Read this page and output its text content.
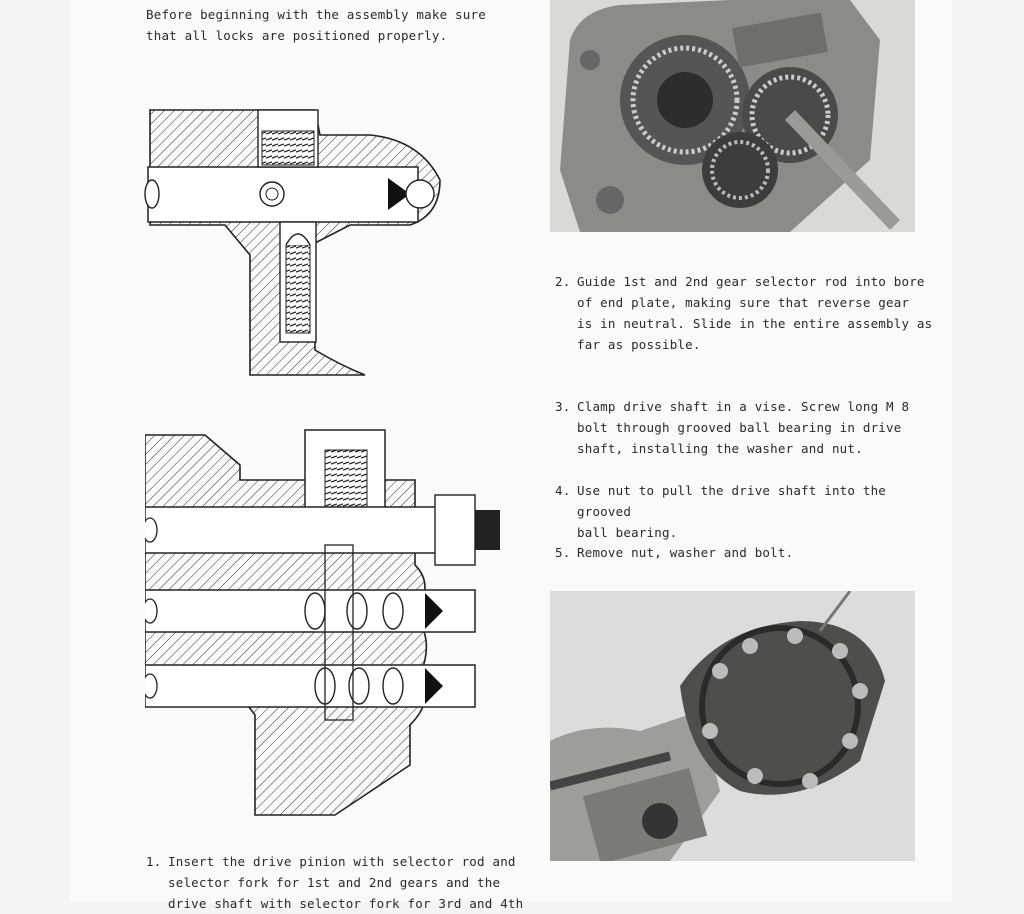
Before beginning with the assembly make sure
that all locks are positioned properly.

2. Guide 1st and 2nd gear selector rod into bore
of end plate, making sure that reverse gear
is in neutral. Slide in the entire assembly as
far as possible.
3. Clamp drive shaft in a vise. Screw long M 8
bolt through grooved ball bearing in drive
shaft, installing the washer and nut.
4. Use nut to pull the drive shaft into the grooved
ball bearing.
5. Remove nut, washer and bolt.
1. Insert the drive pinion with selector rod and
selector fork for 1st and 2nd gears and the
drive shaft with selector fork for 3rd and 4th
